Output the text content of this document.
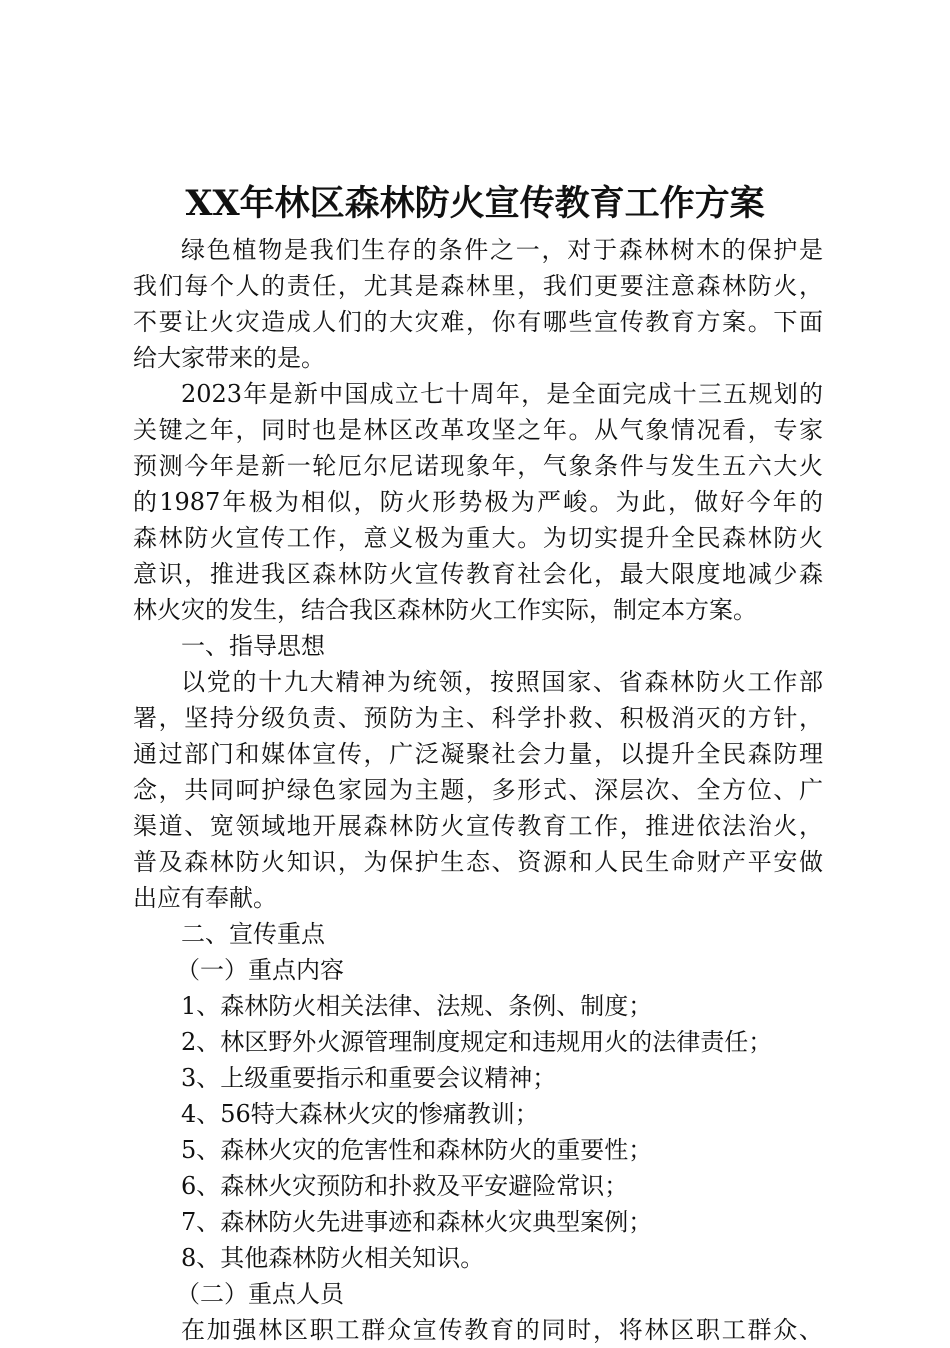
XX年林区森林防火宣传教育工作方案
绿色植物是我们生存的条件之一，对于森林树木的保护是
我们每个人的责任，尤其是森林里，我们更要注意森林防火，
不要让火灾造成人们的大灾难，你有哪些宣传教育方案。下面
给大家带来的是。
2023年是新中国成立七十周年，是全面完成十三五规划的
关键之年，同时也是林区改革攻坚之年。从气象情况看，专家
预测今年是新一轮厄尔尼诺现象年，气象条件与发生五六大火
的1987年极为相似，防火形势极为严峻。为此，做好今年的
森林防火宣传工作，意义极为重大。为切实提升全民森林防火
意识，推进我区森林防火宣传教育社会化，最大限度地减少森
林火灾的发生，结合我区森林防火工作实际，制定本方案。
一、指导思想
以党的十九大精神为统领，按照国家、省森林防火工作部
署，坚持分级负责、预防为主、科学扑救、积极消灭的方针，
通过部门和媒体宣传，广泛凝聚社会力量，以提升全民森防理
念，共同呵护绿色家园为主题，多形式、深层次、全方位、广
渠道、宽领域地开展森林防火宣传教育工作，推进依法治火，
普及森林防火知识，为保护生态、资源和人民生命财产平安做
出应有奉献。
二、宣传重点
（一）重点内容
1、森林防火相关法律、法规、条例、制度；
2、林区野外火源管理制度规定和违规用火的法律责任；
3、上级重要指示和重要会议精神；
4、56特大森林火灾的惨痛教训；
5、森林火灾的危害性和森林防火的重要性；
6、森林火灾预防和扑救及平安避险常识；
7、森林防火先进事迹和森林火灾典型案例；
8、其他森林防火相关知识。
（二）重点人员
在加强林区职工群众宣传教育的同时，将林区职工群众、
